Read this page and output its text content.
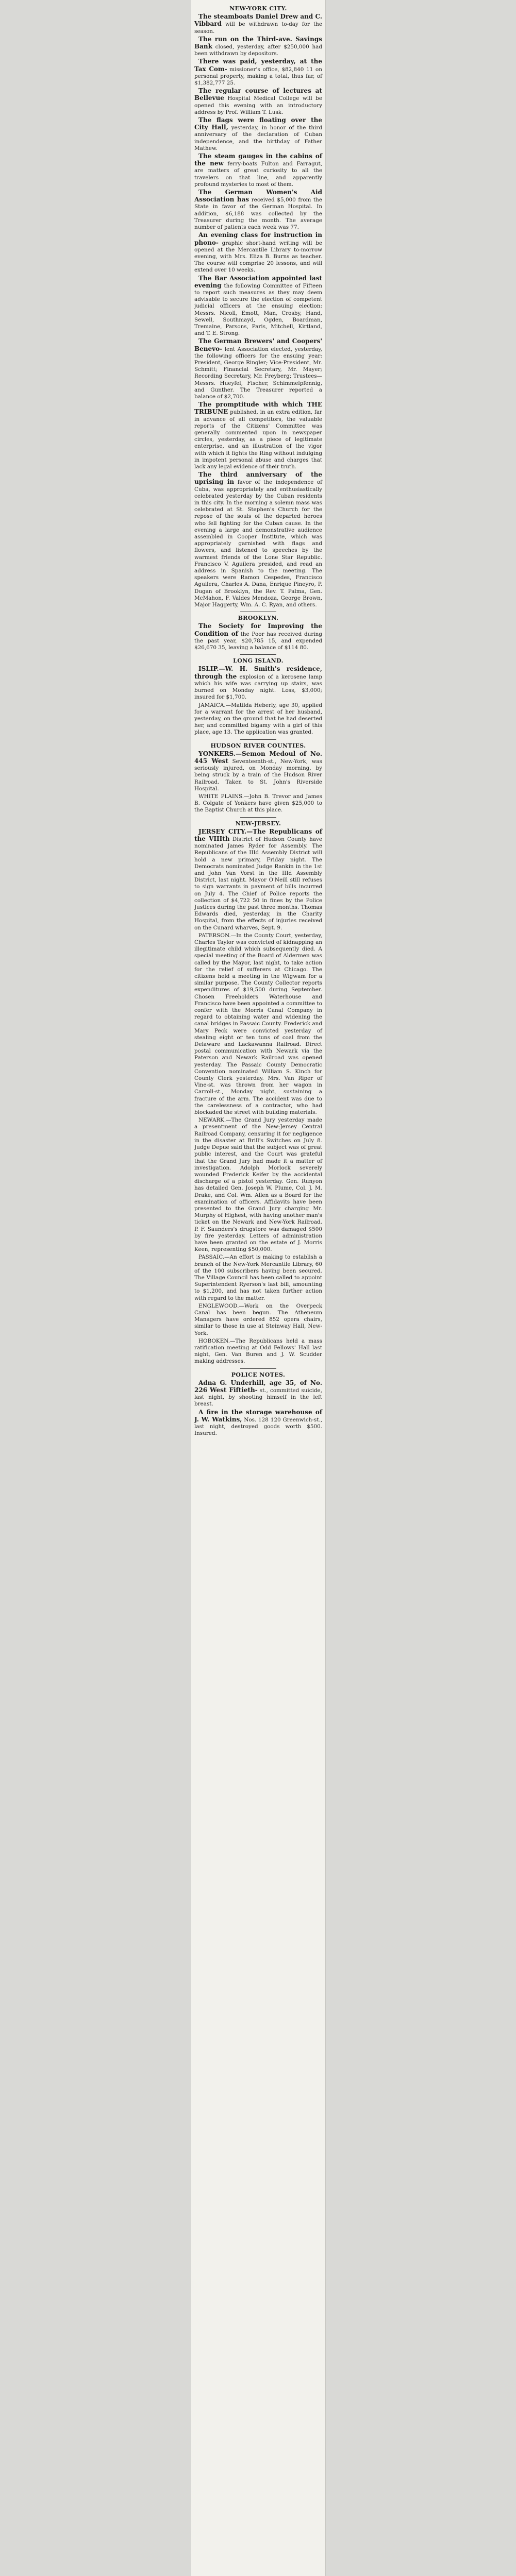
NEW-YORK CITY.

The steamboats Daniel Drew and C. Vibbard will be withdrawn to-day for the season.

The run on the Third-ave. Savings Bank closed, yesterday, after $250,000 had been withdrawn by depositors.

There was paid, yesterday, at the Tax Com- missioner's office, $82,840 11 on personal property, making a total, thus far, of $1,382,777 25.

The regular course of lectures at Bellevue Hospital Medical College will be opened this evening with an introductory address by Prof. William T. Lusk.

The flags were floating over the City Hall, yesterday, in honor of the third anniversary of the declaration of Cuban independence, and the birthday of Father Mathew.

The steam gauges in the cabins of the new ferry-boats Fulton and Farragut, are matters of great curiosity to all the travelers on that line, and apparently profound mysteries to most of them.

The German Women's Aid Association has received $5,000 from the State in favor of the German Hospital. In addition, $6,188 was collected by the Treasurer during the month. The average number of patients each week was 77.

An evening class for instruction in phono- graphic short-hand writing will be opened at the Mercantile Library to-morrow evening, with Mrs. Eliza B. Burns as teacher. The course will comprise 20 lessons, and will extend over 10 weeks.

The Bar Association appointed last evening the following Committee of Fifteen to report such measures as they may deem advisable to secure the election of competent judicial officers at the ensuing election: Messrs. Nicoll, Emott, Man, Crosby, Hand, Sewell, Southmayd, Ogden, Boardman, Tremaine, Parsons, Paris, Mitchell, Kirtland, and T. E. Strong.

The German Brewers' and Coopers' Benevo- lent Association elected, yesterday, the following officers for the ensuing year: President, George Ringler; Vice-President, Mr. Schmitt; Financial Secretary, Mr. Mayer; Recording Secretary, Mr. Freyberg; Trustees—Messrs. Hueyfel, Fischer, Schimmelpfennig, and Gunther. The Treasurer reported a balance of $2,700.

The promptitude with which THE TRIBUNE published, in an extra edition, far in advance of all competitors, the valuable reports of the Citizens' Committee was generally commented upon in newspaper circles, yesterday, as a piece of legitimate enterprise, and an illustration of the vigor with which it fights the Ring without indulging in impotent personal abuse and charges that lack any legal evidence of their truth.

The third anniversary of the uprising in favor of the independence of Cuba, was appropriately and enthusiastically celebrated yesterday by the Cuban residents in this city. In the morning a solemn mass was celebrated at St. Stephen's Church for the repose of the souls of the departed heroes who fell fighting for the Cuban cause. In the evening a large and demonstrative audience assembled in Cooper Institute, which was appropriately garnished with flags and flowers, and listened to speeches by the warmest friends of the Lone Star Republic. Francisco V. Aguilera presided, and read an address in Spanish to the meeting. The speakers were Ramon Cespedes, Francisco Aguilera, Charles A. Dana, Enrique Pineyro, P. Dugan of Brooklyn, the Rev. T. Palma, Gen. McMahon, F. Valdes Mendoza, George Brown, Major Haggerty, Wm. A. C. Ryan, and others.

BROOKLYN.

The Society for Improving the Condition of the Poor has received during the past year, $20,785 15, and expended $26,670 35, leaving a balance of $114 80.

LONG ISLAND.

ISLIP.—W. H. Smith's residence, through the explosion of a kerosene lamp which his wife was carrying up stairs, was burned on Monday night. Loss, $3,000; insured for $1,700.

JAMAICA.—Matilda Heberly, age 30, applied for a warrant for the arrest of her husband, yesterday, on the ground that he had deserted her, and committed bigamy with a girl of this place, age 13. The application was granted.

HUDSON RIVER COUNTIES.

YONKERS.—Semon Medoul of No. 445 West Seventeenth-st., New-York, was seriously injured, on Monday morning, by being struck by a train of the Hudson River Railroad. Taken to St. John's Riverside Hospital.

WHITE PLAINS.—John B. Trevor and James B. Colgate of Yonkers have given $25,000 to the Baptist Church at this place.

NEW-JERSEY.

JERSEY CITY.—The Republicans of the VIIIth District of Hudson County have nominated James Ryder for Assembly. The Republicans of the IIId Assembly District will hold a new primary, Friday night. The Democrats nominated Judge Rankin in the 1st and John Van Vorst in the IIId Assembly District, last night. Mayor O'Neill still refuses to sign warrants in payment of bills incurred on July 4. The Chief of Police reports the collection of $4,722 50 in fines by the Police Justices during the past three months. Thomas Edwards died, yesterday, in the Charity Hospital, from the effects of injuries received on the Cunard wharves, Sept. 9.

PATERSON.—In the County Court, yesterday, Charles Taylor was convicted of kidnapping an illegitimate child which subsequently died. A special meeting of the Board of Aldermen was called by the Mayor, last night, to take action for the relief of sufferers at Chicago. The citizens held a meeting in the Wigwam for a similar purpose. The County Collector reports expenditures of $19,500 during September. Chosen Freeholders Waterhouse and Francisco have been appointed a committee to confer with the Morris Canal Company in regard to obtaining water and widening the canal bridges in Passaic County. Frederick and Mary Peck were convicted yesterday of stealing eight or ten tuns of coal from the Delaware and Lackawanna Railroad. Direct postal communication with Newark via the Paterson and Newark Railroad was opened yesterday. The Passaic County Democratic Convention nominated William S. Kinch for County Clerk yesterday. Mrs. Van Riper of Vine-st. was thrown from her wagon in Carroll-st., Monday night, sustaining a fracture of the arm. The accident was due to the carelessness of a contractor, who had blockaded the street with building materials.

NEWARK.—The Grand Jury yesterday made a presentment of the New-Jersey Central Railroad Company, censuring it for negligence in the disaster at Brill's Switches on July 8. Judge Depue said that the subject was of great public interest, and the Court was grateful that the Grand Jury had made it a matter of investigation. Adolph Morlock severely wounded Frederick Keifer by the accidental discharge of a pistol yesterday. Gen. Runyon has detailed Gen. Joseph W. Plume, Col. J. M. Drake, and Col. Wm. Allen as a Board for the examination of officers. Affidavits have been presented to the Grand Jury charging Mr. Murphy of Highest, with having another man's ticket on the Newark and New-York Railroad. P. F. Saunders's drugstore was damaged $500 by fire yesterday. Letters of administration have been granted on the estate of J. Morris Keen, representing $50,000.

PASSAIC.—An effort is making to establish a branch of the New-York Mercantile Library, 60 of the 100 subscribers having been secured. The Village Council has been called to appoint Superintendent Ryerson's last bill, amounting to $1,200, and has not taken further action with regard to the matter.

ENGLEWOOD.—Work on the Overpeck Canal has been begun. The Atheneum Managers have ordered 852 opera chairs, similar to those in use at Steinway Hall, New-York.

HOBOKEN.—The Republicans held a mass ratification meeting at Odd Fellows' Hall last night, Gen. Van Buren and J. W. Scudder making addresses.

POLICE NOTES.

Adna G. Underhill, age 35, of No. 226 West Fiftieth- st., committed suicide, last night, by shooting himself in the left breast.

A fire in the storage warehouse of J. W. Watkins, Nos. 128 120 Greenwich-st., last night, destroyed goods worth $500. Insured.
